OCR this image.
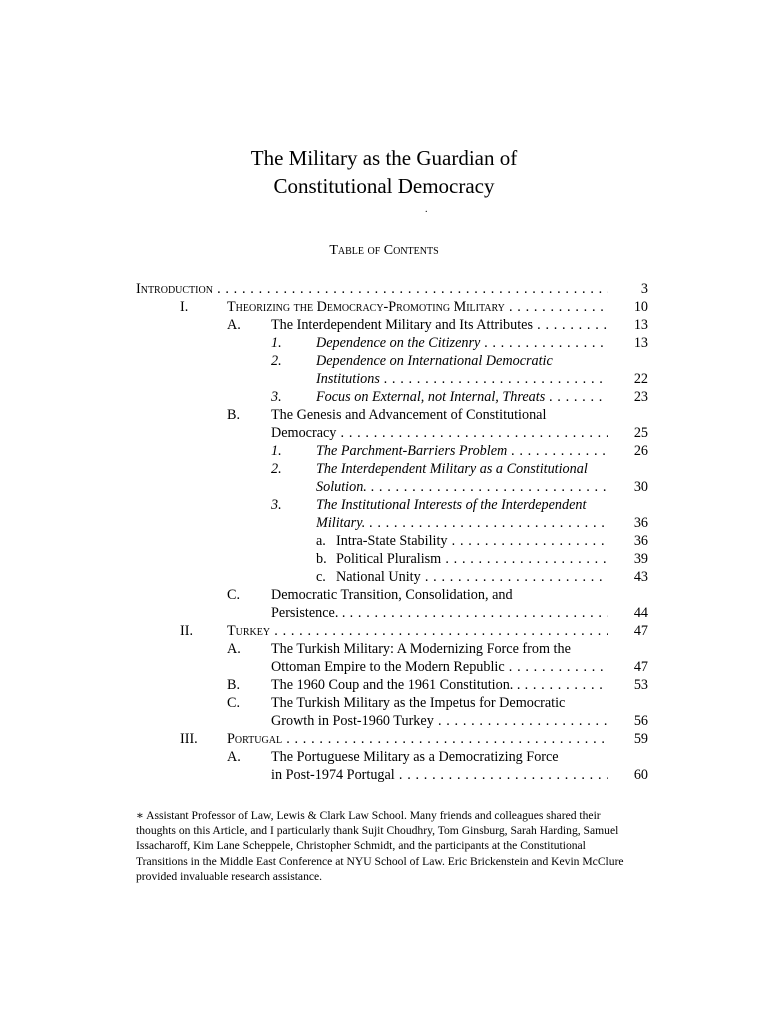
The Military as the Guardian of
Constitutional Democracy
.
Table of Contents
Introduction . . .	3
I.	Theorizing the Democracy-Promoting Military . . .	10
A. The Interdependent Military and Its Attributes . . .	13
1. Dependence on the Citizenry . . .	13
2. Dependence on International Democratic
Institutions . . .	22
3. Focus on External, not Internal, Threats . . .	23
B. The Genesis and Advancement of Constitutional
Democracy . . .	25
1. The Parchment-Barriers Problem . . .	26
2. The Interdependent Military as a Constitutional
Solution. . . .	30
3. The Institutional Interests of the Interdependent
Military. . . .	36
a. Intra-State Stability . . .	36
b. Political Pluralism . . .	39
c. National Unity . . .	43
C. Democratic Transition, Consolidation, and
Persistence. . . . .	44
II. Turkey . . .	47
A. The Turkish Military: A Modernizing Force from the
Ottoman Empire to the Modern Republic . . .	47
B. The 1960 Coup and the 1961 Constitution. . . . .	53
C. The Turkish Military as the Impetus for Democratic
Growth in Post-1960 Turkey . . .	56
III. Portugal . . .	59
A. The Portuguese Military as a Democratizing Force
in Post-1974 Portugal . . .	60

∗ Assistant Professor of Law, Lewis & Clark Law School. Many friends and colleagues shared their thoughts on this Article, and I particularly thank Sujit Choudhry, Tom Ginsburg, Sarah Harding, Samuel Issacharoff, Kim Lane Scheppele, Christopher Schmidt, and the participants at the Constitutional Transitions in the Middle East Conference at NYU School of Law. Eric Brickenstein and Kevin McClure provided invaluable research assistance.
